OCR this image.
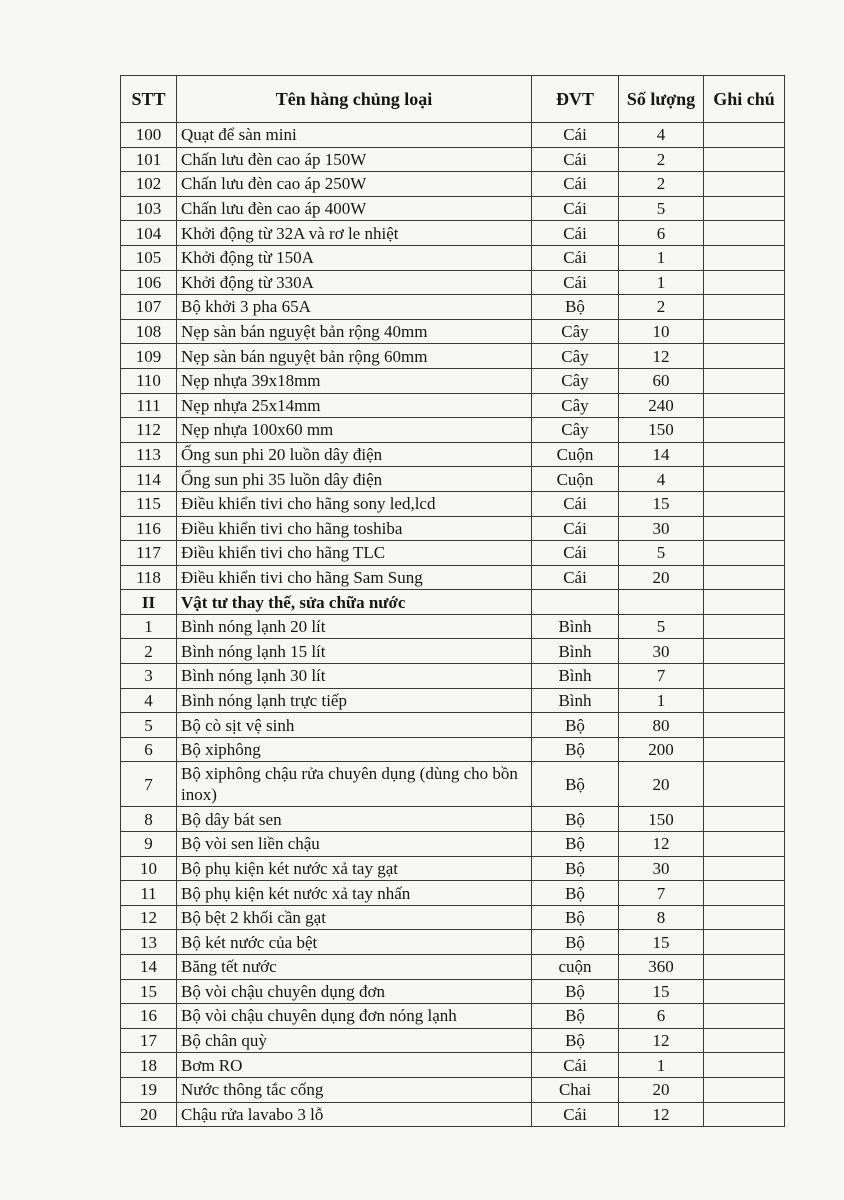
STT	Tên hàng chủng loại	ĐVT	Số lượng	Ghi chú
100	Quạt để sàn mini	Cái	4	
101	Chấn lưu đèn cao áp 150W	Cái	2	
102	Chấn lưu đèn cao áp 250W	Cái	2	
103	Chấn lưu đèn cao áp 400W	Cái	5	
104	Khởi động từ 32A và rơ le nhiệt	Cái	6	
105	Khởi động từ 150A	Cái	1	
106	Khởi động từ 330A	Cái	1	
107	Bộ khởi 3 pha 65A	Bộ	2	
108	Nẹp sàn bán nguyệt bản rộng 40mm	Cây	10	
109	Nẹp sàn bán nguyệt bản rộng 60mm	Cây	12	
110	Nẹp nhựa 39x18mm	Cây	60	
111	Nẹp nhựa 25x14mm	Cây	240	
112	Nẹp nhựa 100x60 mm	Cây	150	
113	Ống sun phi 20 luồn dây điện	Cuộn	14	
114	Ống sun phi 35 luồn dây điện	Cuộn	4	
115	Điều khiển tivi cho hãng sony led,lcd	Cái	15	
116	Điều khiển tivi cho hãng toshiba	Cái	30	
117	Điều khiển tivi cho hãng TLC	Cái	5	
118	Điều khiển tivi cho hãng Sam Sung	Cái	20	
II	Vật tư thay thế, sửa chữa nước			
1	Bình nóng lạnh 20 lít	Bình	5	
2	Bình nóng lạnh 15 lít	Bình	30	
3	Bình nóng lạnh 30 lít	Bình	7	
4	Bình nóng lạnh trực tiếp	Bình	1	
5	Bộ cò sịt vệ sinh	Bộ	80	
6	Bộ xiphông	Bộ	200	
7	Bộ xiphông chậu rửa chuyên dụng (dùng cho bồn inox)	Bộ	20	
8	Bộ dây bát sen	Bộ	150	
9	Bộ vòi sen liền chậu	Bộ	12	
10	Bộ phụ kiện két nước xả tay gạt	Bộ	30	
11	Bộ phụ kiện két nước xả tay nhấn	Bộ	7	
12	Bộ bệt 2 khối cần gạt	Bộ	8	
13	Bộ két nước của bệt	Bộ	15	
14	Băng tết nước	cuộn	360	
15	Bộ vòi chậu chuyên dụng đơn	Bộ	15	
16	Bộ vòi chậu chuyên dụng đơn nóng lạnh	Bộ	6	
17	Bộ chân quỳ	Bộ	12	
18	Bơm RO	Cái	1	
19	Nước thông tắc cống	Chai	20	
20	Chậu rửa lavabo 3 lỗ	Cái	12	
